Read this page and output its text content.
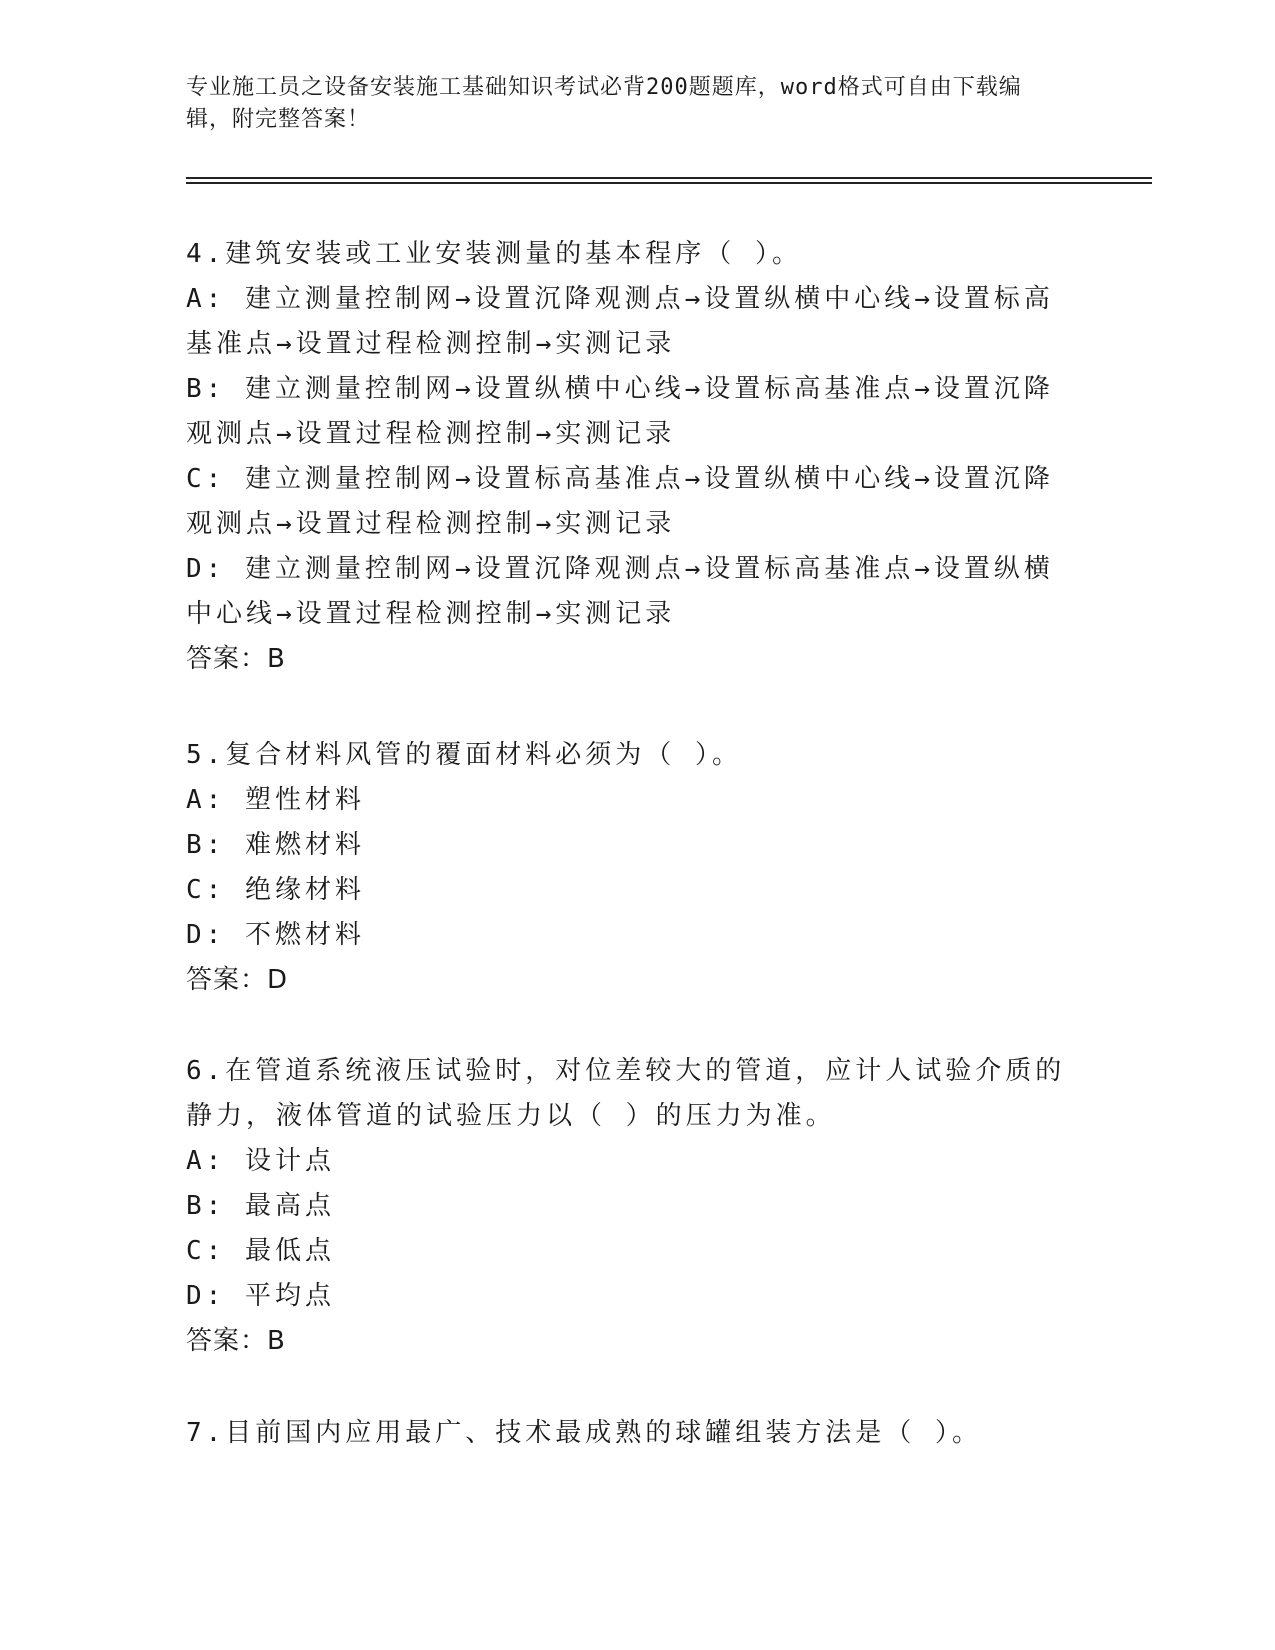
专业施工员之设备安装施工基础知识考试必背200题题库，word格式可自由下载编辑，附完整答案！
4.建筑安装或工业安装测量的基本程序（ ）。
A: 建立测量控制网→设置沉降观测点→设置纵横中心线→设置标高基准点→设置过程检测控制→实测记录
B: 建立测量控制网→设置纵横中心线→设置标高基准点→设置沉降观测点→设置过程检测控制→实测记录
C: 建立测量控制网→设置标高基准点→设置纵横中心线→设置沉降观测点→设置过程检测控制→实测记录
D: 建立测量控制网→设置沉降观测点→设置标高基准点→设置纵横中心线→设置过程检测控制→实测记录
答案：B
5.复合材料风管的覆面材料必须为（ ）。
A: 塑性材料
B: 难燃材料
C: 绝缘材料
D: 不燃材料
答案：D
6.在管道系统液压试验时，对位差较大的管道，应计人试验介质的静力，液体管道的试验压力以（ ）的压力为准。
A: 设计点
B: 最高点
C: 最低点
D: 平均点
答案：B
7.目前国内应用最广、技术最成熟的球罐组装方法是（ ）。
